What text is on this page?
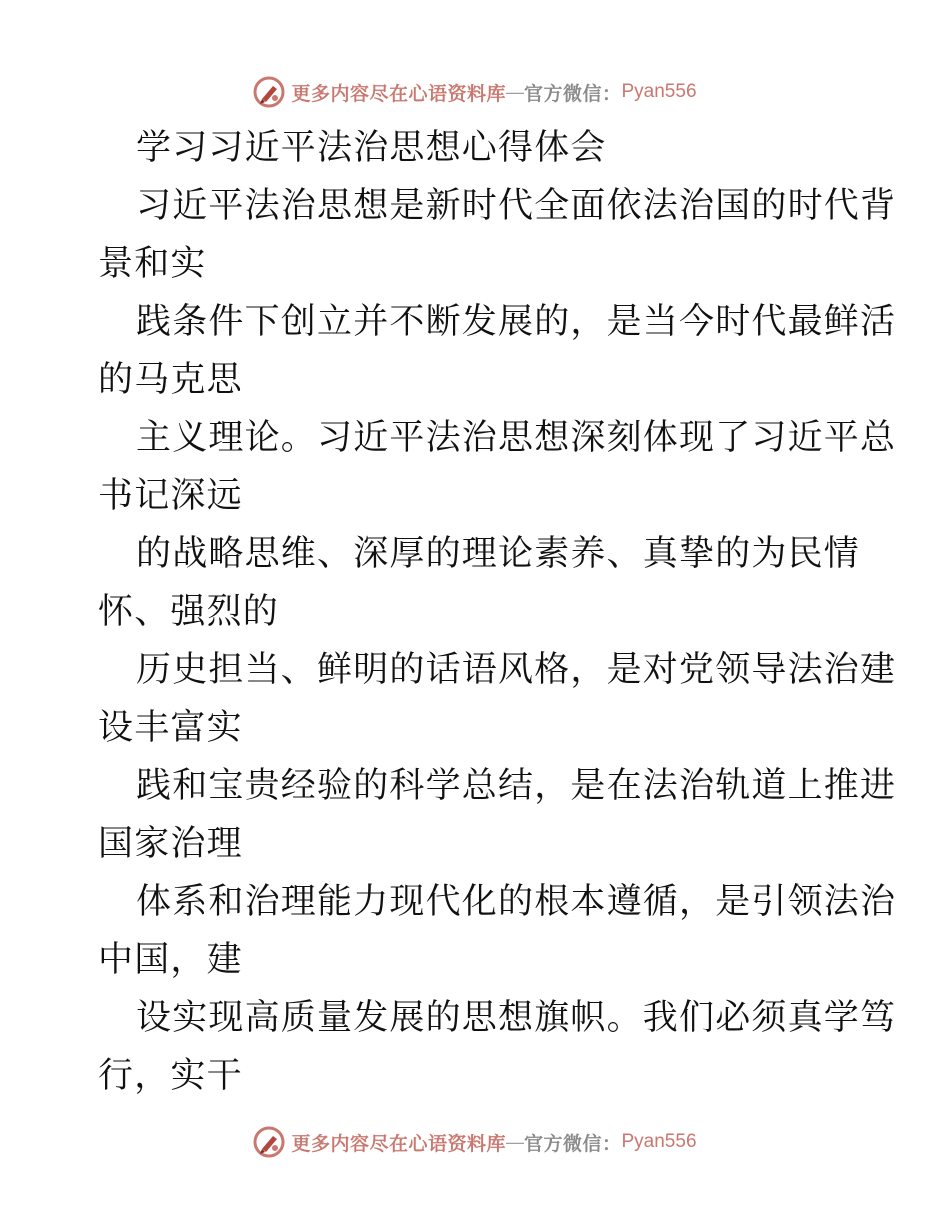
更多内容尽在心语资料库 — 官方微信： Pyan556
学习习近平法治思想心得体会
习近平法治思想是新时代全面依法治国的时代背
景和实
践条件下创立并不断发展的，是当今时代最鲜活
的马克思
主义理论。习近平法治思想深刻体现了习近平总
书记深远
的战略思维、深厚的理论素养、真挚的为民情
怀、强烈的
历史担当、鲜明的话语风格，是对党领导法治建
设丰富实
践和宝贵经验的科学总结，是在法治轨道上推进
国家治理
体系和治理能力现代化的根本遵循，是引领法治
中国，建
设实现高质量发展的思想旗帜。我们必须真学笃
行，实干
更多内容尽在心语资料库 — 官方微信： Pyan556
